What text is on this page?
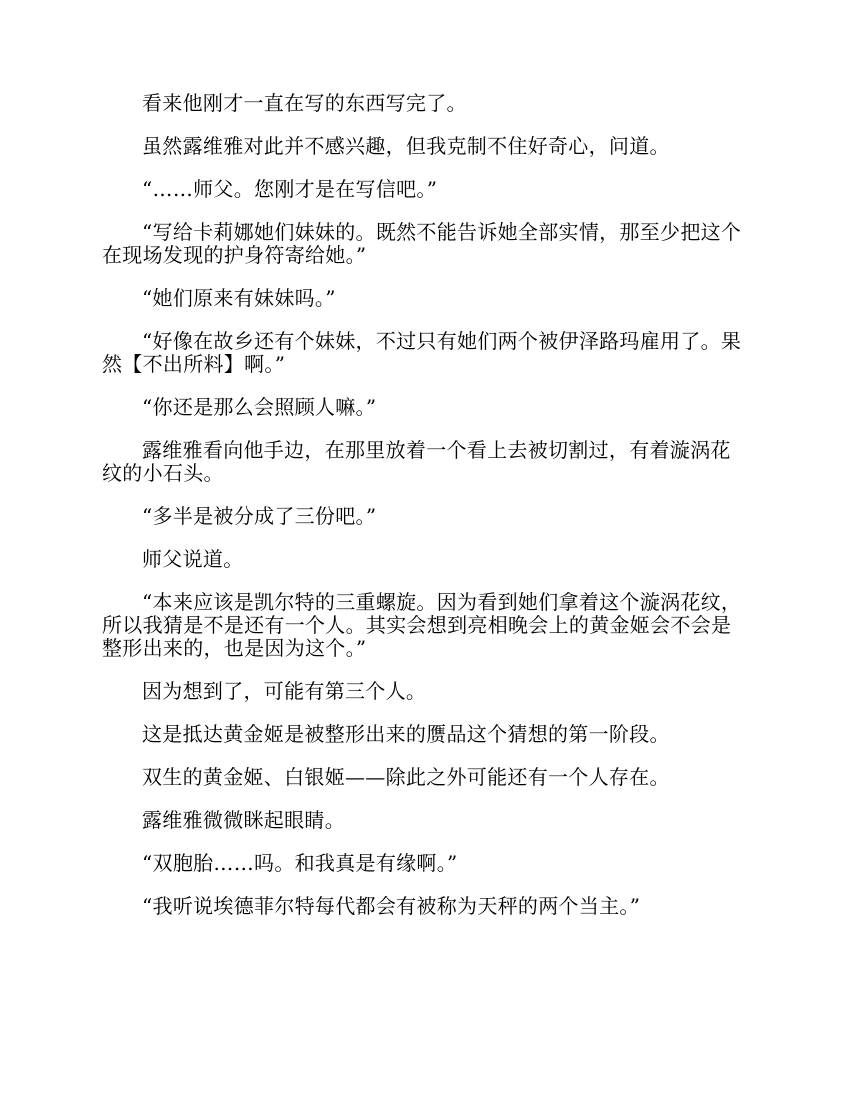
看来他刚才一直在写的东西写完了。

虽然露维雅对此并不感兴趣，但我克制不住好奇心，问道。

“……师父。您刚才是在写信吧。”

“写给卡莉娜她们妹妹的。既然不能告诉她全部实情，那至少把这个在现场发现的护身符寄给她。”

“她们原来有妹妹吗。”

“好像在故乡还有个妹妹，不过只有她们两个被伊泽路玛雇用了。果然【不出所料】啊。”

“你还是那么会照顾人嘛。”

露维雅看向他手边，在那里放着一个看上去被切割过，有着漩涡花纹的小石头。

“多半是被分成了三份吧。”

师父说道。

“本来应该是凯尔特的三重螺旋。因为看到她们拿着这个漩涡花纹，所以我猜是不是还有一个人。其实会想到亮相晚会上的黄金姬会不会是整形出来的，也是因为这个。”

因为想到了，可能有第三个人。

这是抵达黄金姬是被整形出来的赝品这个猜想的第一阶段。

双生的黄金姬、白银姬——除此之外可能还有一个人存在。

露维雅微微眯起眼睛。

“双胞胎……吗。和我真是有缘啊。”

“我听说埃德菲尔特每代都会有被称为天秤的两个当主。”
